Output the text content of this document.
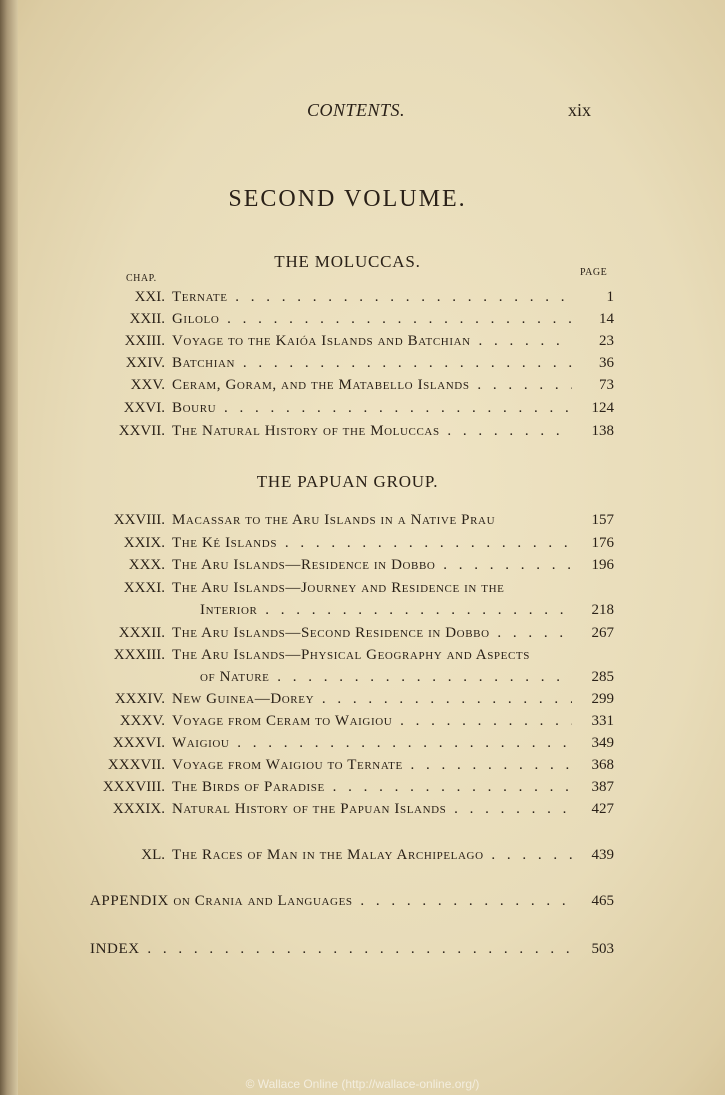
CONTENTS.	xix
SECOND VOLUME.
THE MOLUCCAS.
CHAP.
PAGE
XXI. Ternate . . .	1
XXII. Gilolo . . .	14
XXIII. Voyage to the Kaióa Islands and Batchian . . .	23
XXIV. Batchian . . .	36
XXV. Ceram, Goram, and the Matabello Islands . . .	73
XXVI. Bouru . . .	124
XXVII. The Natural History of the Moluccas . . .	138
THE PAPUAN GROUP.
XXVIII. Macassar to the Aru Islands in a Native Prau	157
XXIX. The Ké Islands . . .	176
XXX. The Aru Islands—Residence in Dobbo . . .	196
XXXI. The Aru Islands—Journey and Residence in the
Interior . . .	218
XXXII. The Aru Islands—Second Residence in Dobbo . . .	267
XXXIII. The Aru Islands—Physical Geography and Aspects
of Nature . . .	285
XXXIV. New Guinea—Dorey . . .	299
XXXV. Voyage from Ceram to Waigiou . . .	331
XXXVI. Waigiou . . .	349
XXXVII. Voyage from Waigiou to Ternate . . .	368
XXXVIII. The Birds of Paradise . . .	387
XXXIX. Natural History of the Papuan Islands . . .	427
XL. The Races of Man in the Malay Archipelago . . .	439
APPENDIX on Crania and Languages . . .	465
INDEX . . .	503
© Wallace Online (http://wallace-online.org/)
